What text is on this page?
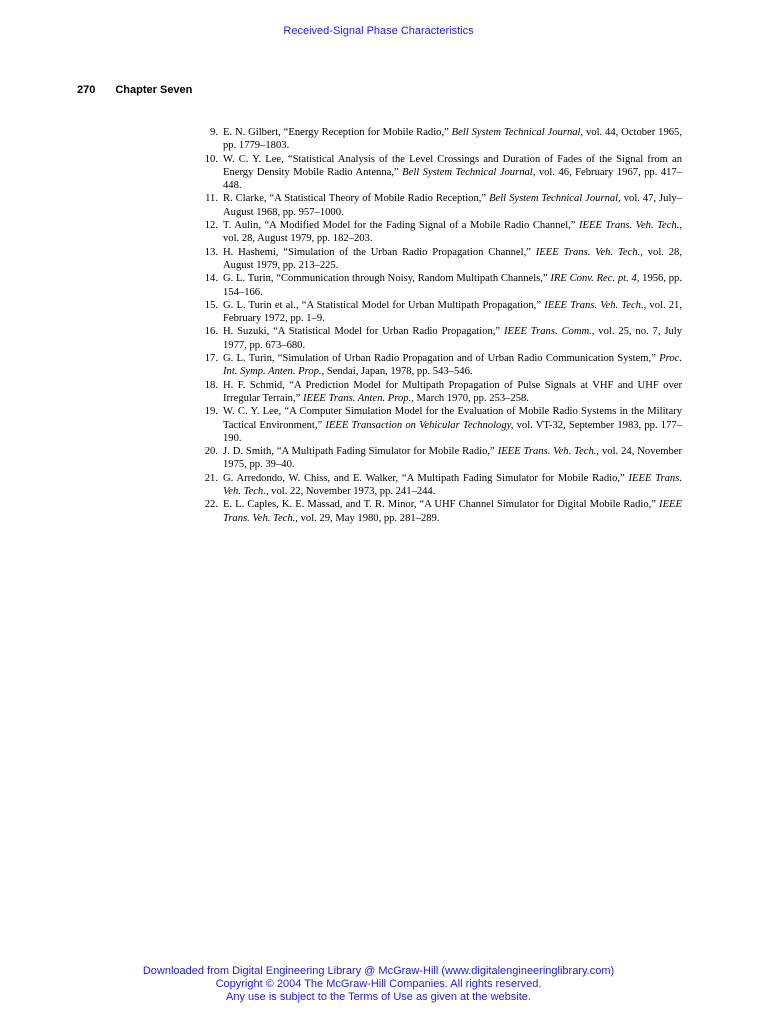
Received-Signal Phase Characteristics
270 Chapter Seven
9. E. N. Gilbert, “Energy Reception for Mobile Radio,” Bell System Technical Journal, vol. 44, October 1965, pp. 1779–1803.
10. W. C. Y. Lee, “Statistical Analysis of the Level Crossings and Duration of Fades of the Signal from an Energy Density Mobile Radio Antenna,” Bell System Technical Journal, vol. 46, February 1967, pp. 417–448.
11. R. Clarke, “A Statistical Theory of Mobile Radio Reception,” Bell System Technical Journal, vol. 47, July–August 1968, pp. 957–1000.
12. T. Aulin, “A Modified Model for the Fading Signal of a Mobile Radio Channel,” IEEE Trans. Veh. Tech., vol. 28, August 1979, pp. 182–203.
13. H. Hashemi, “Simulation of the Urban Radio Propagation Channel,” IEEE Trans. Veh. Tech., vol. 28, August 1979, pp. 213–225.
14. G. L. Turin, “Communication through Noisy, Random Multipath Channels,” IRE Conv. Rec. pt. 4, 1956, pp. 154–166.
15. G. L. Turin et al., “A Statistical Model for Urban Multipath Propagation,” IEEE Trans. Veh. Tech., vol. 21, February 1972, pp. 1–9.
16. H. Suzuki, “A Statistical Model for Urban Radio Propagation,” IEEE Trans. Comm., vol. 25, no. 7, July 1977, pp. 673–680.
17. G. L. Turin, “Simulation of Urban Radio Propagation and of Urban Radio Communication System,” Proc. Int. Symp. Anten. Prop., Sendai, Japan, 1978, pp. 543–546.
18. H. F. Schmid, “A Prediction Model for Multipath Propagation of Pulse Signals at VHF and UHF over Irregular Terrain,” IEEE Trans. Anten. Prop., March 1970, pp. 253–258.
19. W. C. Y. Lee, “A Computer Simulation Model for the Evaluation of Mobile Radio Systems in the Military Tactical Environment,” IEEE Transaction on Vehicular Technology, vol. VT-32, September 1983, pp. 177–190.
20. J. D. Smith, “A Multipath Fading Simulator for Mobile Radio,” IEEE Trans. Veh. Tech., vol. 24, November 1975, pp. 39–40.
21. G. Arredondo, W. Chiss, and E. Walker, “A Multipath Fading Simulator for Mobile Radio,” IEEE Trans. Veh. Tech., vol. 22, November 1973, pp. 241–244.
22. E. L. Caples, K. E. Massad, and T. R. Minor, “A UHF Channel Simulator for Digital Mobile Radio,” IEEE Trans. Veh. Tech., vol. 29, May 1980, pp. 281–289.
Downloaded from Digital Engineering Library @ McGraw-Hill (www.digitalengineeringlibrary.com)
Copyright © 2004 The McGraw-Hill Companies. All rights reserved.
Any use is subject to the Terms of Use as given at the website.
